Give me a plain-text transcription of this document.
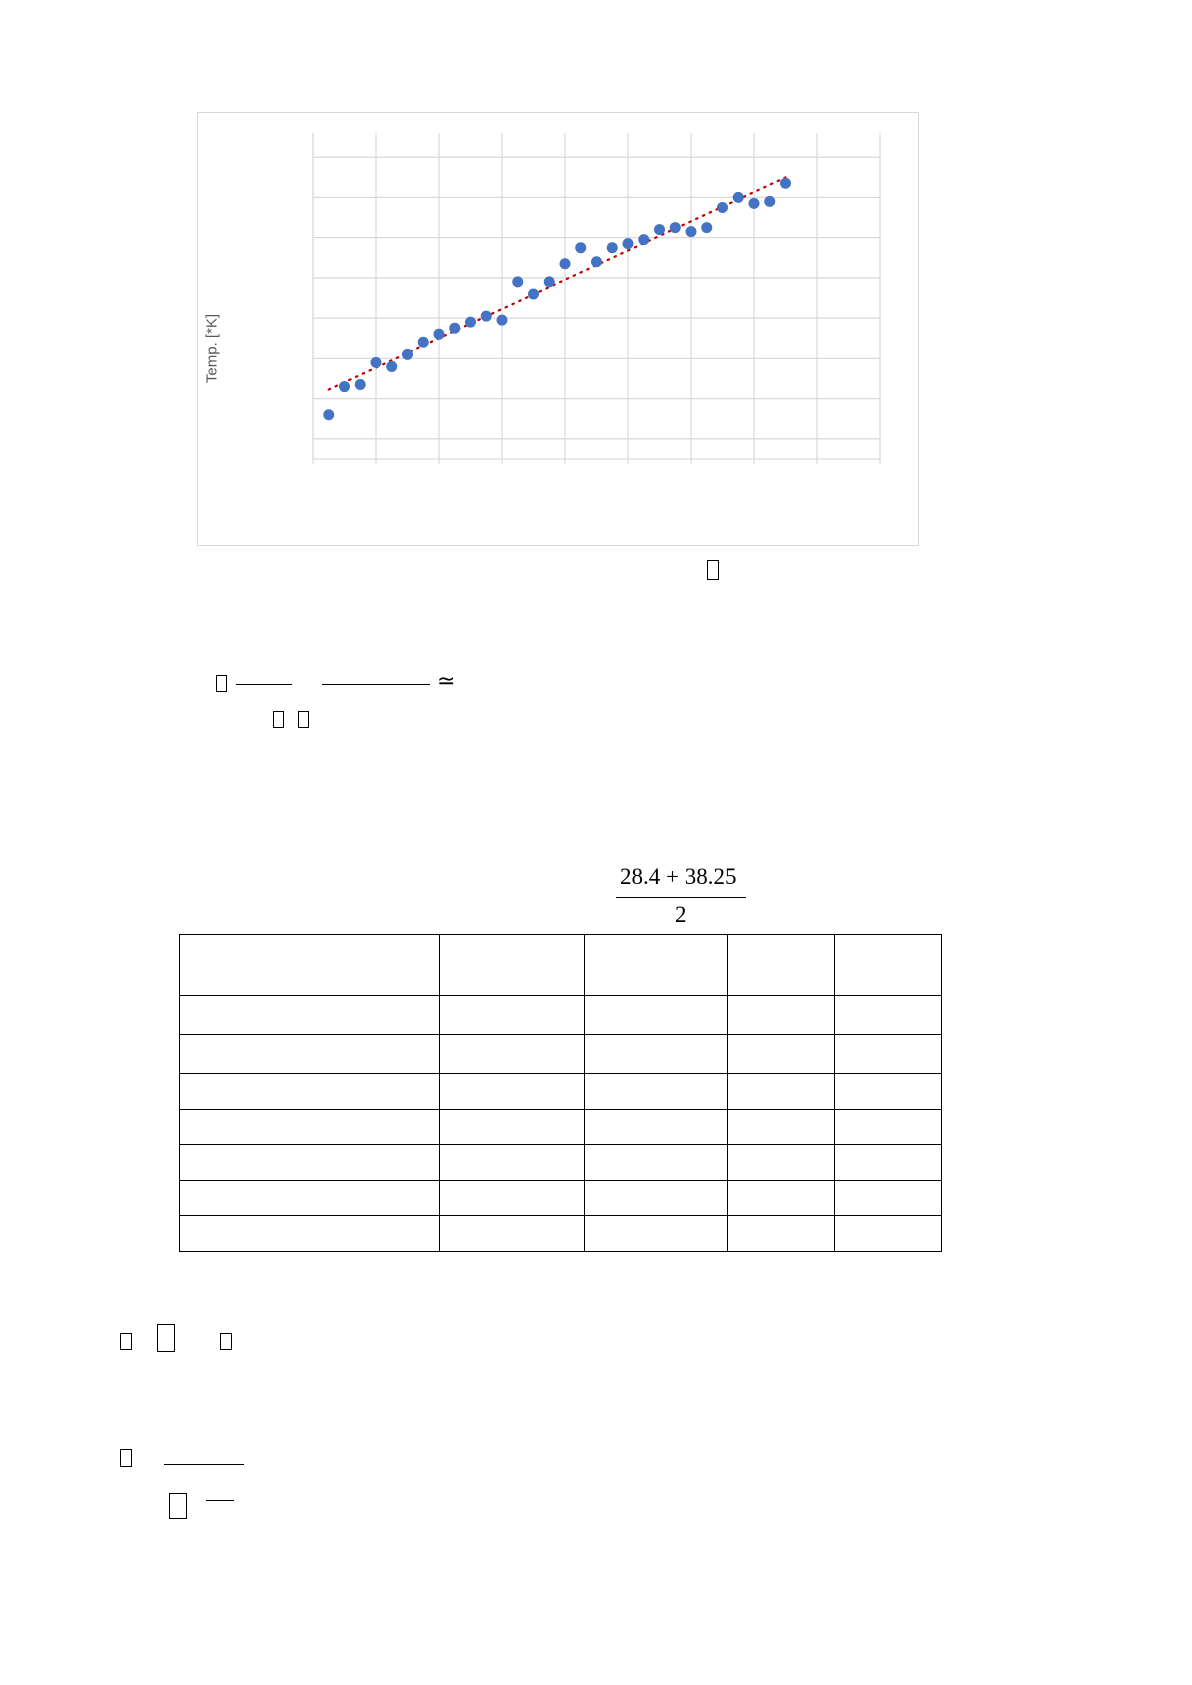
Temp. [*K]
≃
28.4 + 38.25
2
